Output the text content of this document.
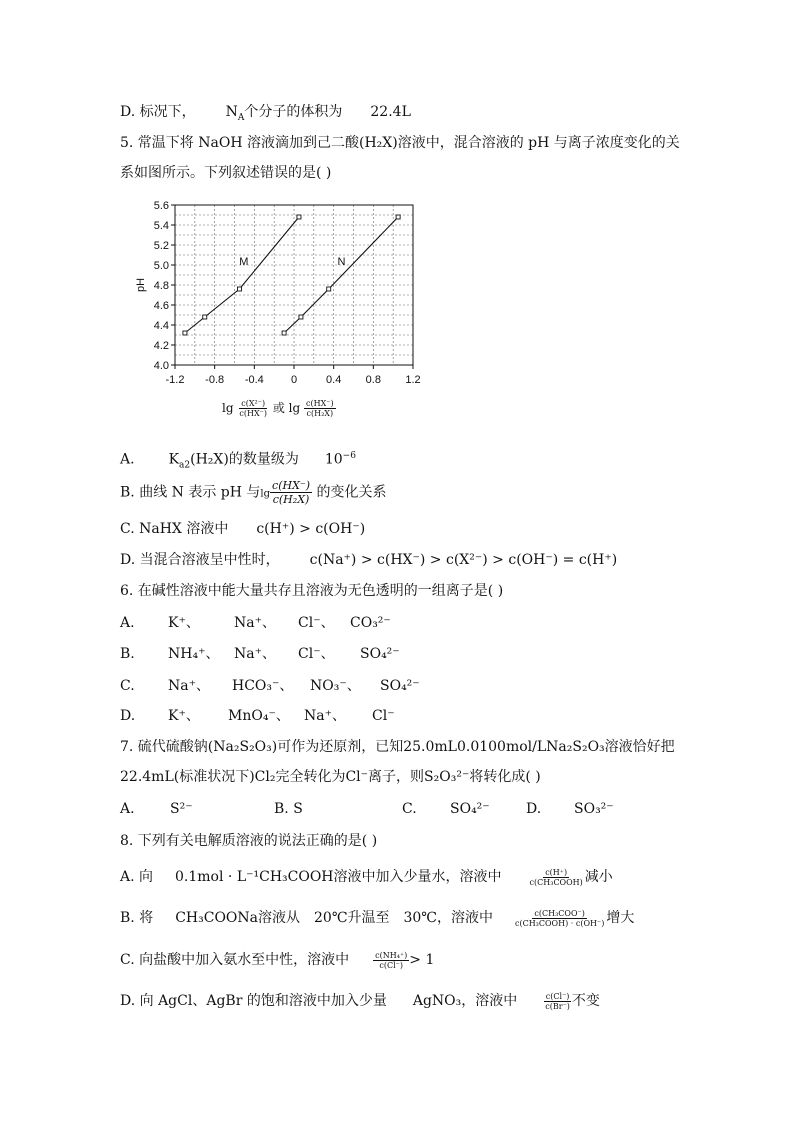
D. 标况下， $N_A$个分子的体积为 22.4L
5. 常温下将 NaOH 溶液滴加到己二酸(H₂X)溶液中，混合溶液的 pH 与离子浓度变化的关
系如图所示。下列叙述错误的是( )
-1.2 -0.8 -0.4 0	0.4 0.8 1.2
4.0
4.2
4.4
4.6
4.8
5.0
5.2
5.4
5.6
M	N
pH
$\lg \frac{\text{c(X²⁻)}}{c(HX^-)}$ 或 $\lg \frac{c(HX^-)}{\text{c(H₂X)}}$
A. $K_{a2}(H_2X)$的数量级为 $10^{-6}$
B. 曲线 N 表示 pH 与$\lg \frac{c(HX^-)}{\text{c(H₂X)}}$ 的变化关系
C. NaHX 溶液中 c(H⁺) > c(OH⁻)
D. 当混合溶液呈中性时， c(Na⁺) > c(HX⁻) > c(X²⁻) > c(OH⁻) = c(H⁺)
6. 在碱性溶液中能大量共存且溶液为无色透明的一组离子是( )
A. K⁺、 Na⁺、 Cl⁻、 CO₃²⁻
B. NH₄⁺、 Na⁺、 Cl⁻、 SO₄²⁻
C. Na⁺、 HCO₃⁻、 NO₃⁻、 SO₄²⁻
D. K⁺、 MnO₄⁻、 Na⁺、 Cl⁻
7. 硫代硫酸钠(Na₂S₂O₃)可作为还原剂，已知25.0mL0.0100mol/LNa₂S₂O₃溶液恰好把
22.4mL(标准状况下)Cl₂完全转化为Cl⁻离子，则S₂O₃²⁻将转化成( )
A.	S²⁻	B. S	C. SO₄²⁻	D. SO₃²⁻
8. 下列有关电解质溶液的说法正确的是( )
A. 向 0.1mol · L⁻¹CH₃COOH溶液中加入少量水，溶液中	$\frac{c(H^+)}{\text{c(CH₃COOH)}}$ 减小
B. 将 CH₃COONa溶液从 20℃升温至 30℃，溶液中	$\frac{\text{c(CH₃COO⁻)}}{\text{c(CH₃COOH) · c(OH⁻)}}$ 增大
C. 向盐酸中加入氨水至中性，溶液中	$\frac{\text{c(NH₄⁺)}}{c(Cl^-)} > 1$
D. 向 AgCl、AgBr 的饱和溶液中加入少量 AgNO₃，溶液中	$\frac{c(Cl^-)}{c(Br^-)}$ 不变
